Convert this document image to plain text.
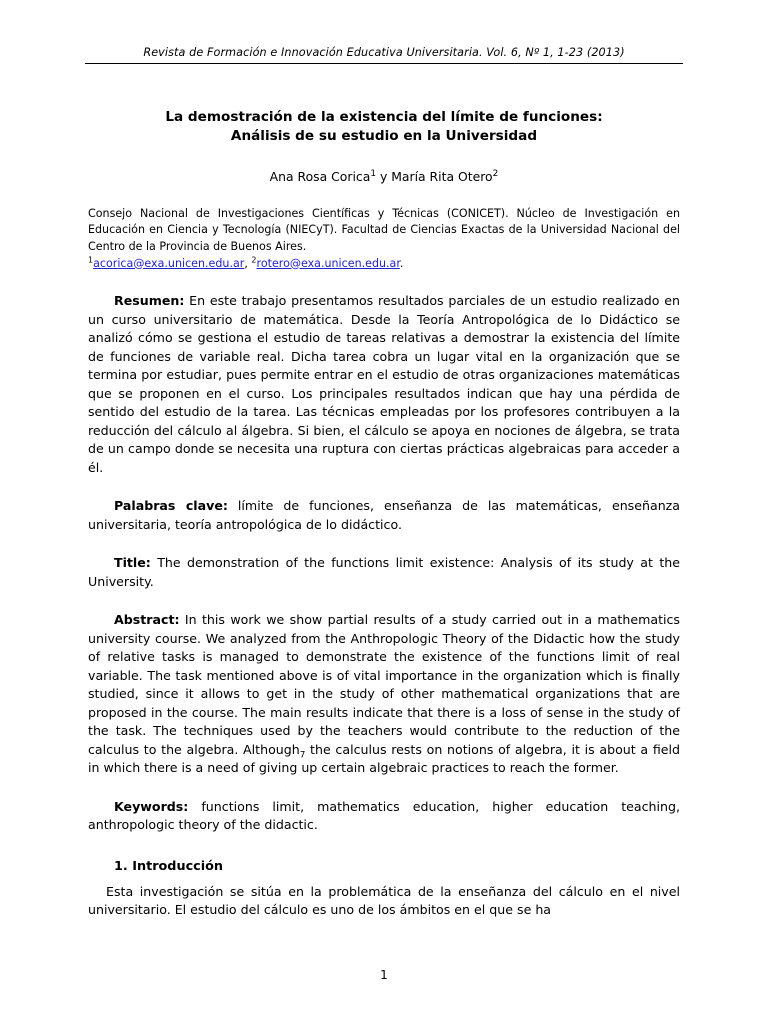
Revista de Formación e Innovación Educativa Universitaria. Vol. 6, Nº 1, 1-23 (2013)
La demostración de la existencia del límite de funciones:
Análisis de su estudio en la Universidad
Ana Rosa Corica$^1$ y María Rita Otero$^2$
Consejo Nacional de Investigaciones Científicas y Técnicas (CONICET). Núcleo de Investigación en Educación en Ciencia y Tecnología (NIECyT). Facultad de Ciencias Exactas de la Universidad Nacional del Centro de la Provincia de Buenos Aires.
$^1$acorica@exa.unicen.edu.ar, $^2$rotero@exa.unicen.edu.ar.
Resumen: En este trabajo presentamos resultados parciales de un estudio realizado en un curso universitario de matemática. Desde la Teoría Antropológica de lo Didáctico se analizó cómo se gestiona el estudio de tareas relativas a demostrar la existencia del límite de funciones de variable real. Dicha tarea cobra un lugar vital en la organización que se termina por estudiar, pues permite entrar en el estudio de otras organizaciones matemáticas que se proponen en el curso. Los principales resultados indican que hay una pérdida de sentido del estudio de la tarea. Las técnicas empleadas por los profesores contribuyen a la reducción del cálculo al álgebra. Si bien, el cálculo se apoya en nociones de álgebra, se trata de un campo donde se necesita una ruptura con ciertas prácticas algebraicas para acceder a él.
Palabras clave: límite de funciones, enseñanza de las matemáticas, enseñanza universitaria, teoría antropológica de lo didáctico.
Title: The demonstration of the functions limit existence: Analysis of its study at the University.
Abstract: In this work we show partial results of a study carried out in a mathematics university course. We analyzed from the Anthropologic Theory of the Didactic how the study of relative tasks is managed to demonstrate the existence of the functions limit of real variable. The task mentioned above is of vital importance in the organization which is finally studied, since it allows to get in the study of other mathematical organizations that are proposed in the course. The main results indicate that there is a loss of sense in the study of the task. The techniques used by the teachers would contribute to the reduction of the calculus to the algebra. Although$_7$ the calculus rests on notions of algebra, it is about a field in which there is a need of giving up certain algebraic practices to reach the former.
Keywords: functions limit, mathematics education, higher education teaching, anthropologic theory of the didactic.
1. Introducción
Esta investigación se sitúa en la problemática de la enseñanza del cálculo en el nivel universitario. El estudio del cálculo es uno de los ámbitos en el que se ha
1
